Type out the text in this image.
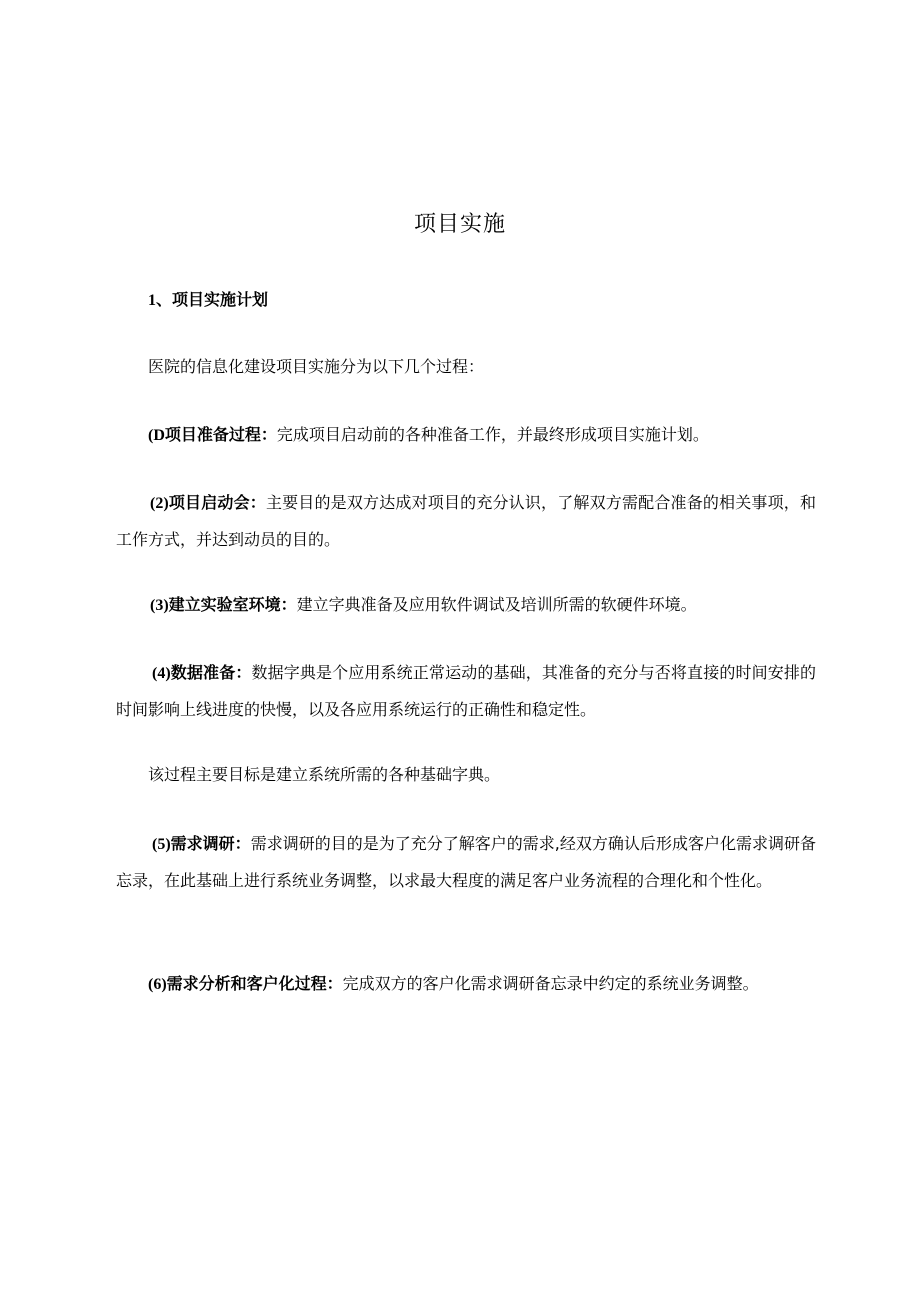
项目实施
1、项目实施计划
医院的信息化建设项目实施分为以下几个过程：
(D项目准备过程：完成项目启动前的各种准备工作，并最终形成项目实施计划。
(2)项目启动会：主要目的是双方达成对项目的充分认识，了解双方需配合准备的相关事项，和工作方式，并达到动员的目的。
(3)建立实验室环境：建立字典准备及应用软件调试及培训所需的软硬件环境。
(4)数据准备：数据字典是个应用系统正常运动的基础，其准备的充分与否将直接的时间安排的时间影响上线进度的快慢，以及各应用系统运行的正确性和稳定性。
该过程主要目标是建立系统所需的各种基础字典。
(5)需求调研：需求调研的目的是为了充分了解客户的需求,经双方确认后形成客户化需求调研备忘录，在此基础上进行系统业务调整，以求最大程度的满足客户业务流程的合理化和个性化。
(6)需求分析和客户化过程：完成双方的客户化需求调研备忘录中约定的系统业务调整。
